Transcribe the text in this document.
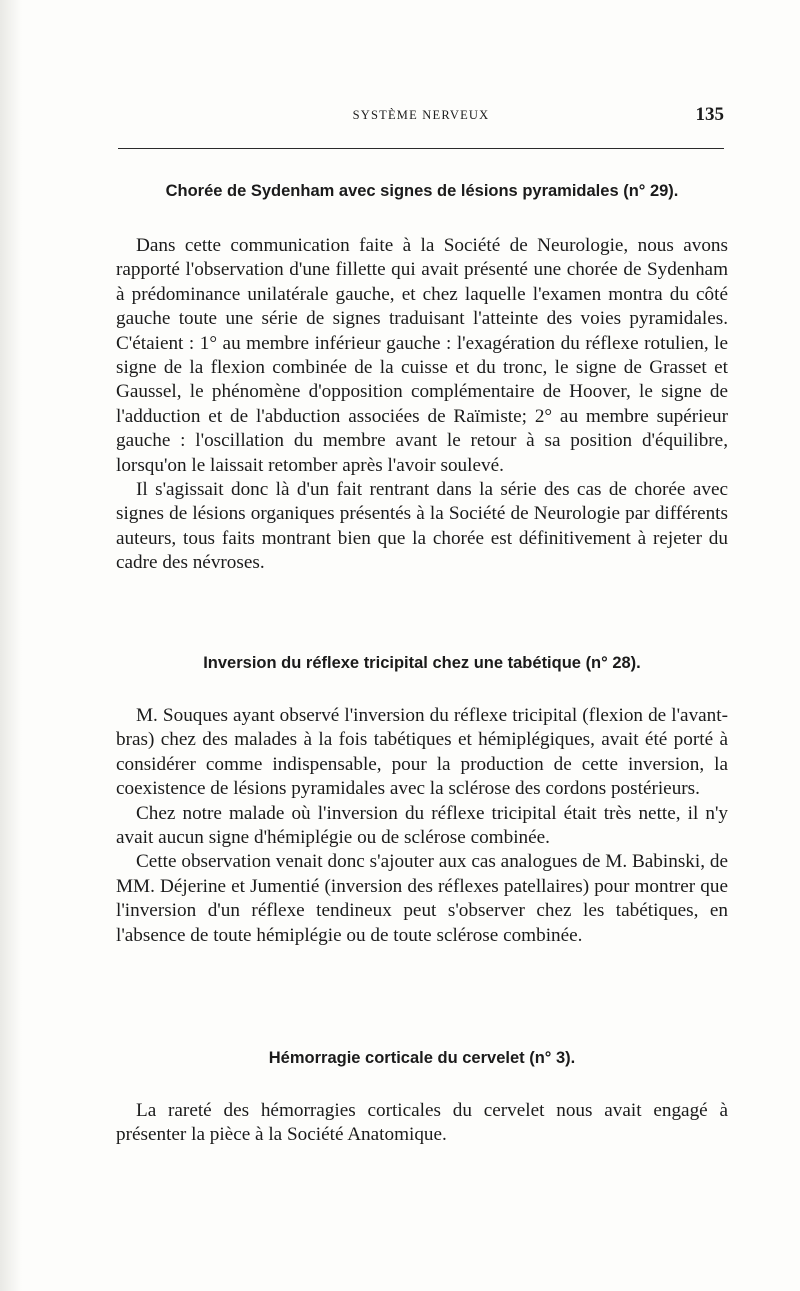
SYSTÈME NERVEUX	135
Chorée de Sydenham avec signes de lésions pyramidales (n° 29).

Dans cette communication faite à la Société de Neurologie, nous avons rapporté l'observation d'une fillette qui avait présenté une chorée de Sydenham à prédominance unilatérale gauche, et chez laquelle l'examen montra du côté gauche toute une série de signes traduisant l'atteinte des voies pyramidales. C'étaient : 1° au membre inférieur gauche : l'exagération du réflexe rotulien, le signe de la flexion combinée de la cuisse et du tronc, le signe de Grasset et Gaussel, le phénomène d'opposition complémentaire de Hoover, le signe de l'adduction et de l'abduction associées de Raïmiste; 2° au membre supérieur gauche : l'oscillation du membre avant le retour à sa position d'équilibre, lorsqu'on le laissait retomber après l'avoir soulevé.

Il s'agissait donc là d'un fait rentrant dans la série des cas de chorée avec signes de lésions organiques présentés à la Société de Neurologie par différents auteurs, tous faits montrant bien que la chorée est définitivement à rejeter du cadre des névroses.

Inversion du réflexe tricipital chez une tabétique (n° 28).

M. Souques ayant observé l'inversion du réflexe tricipital (flexion de l'avant-bras) chez des malades à la fois tabétiques et hémiplégiques, avait été porté à considérer comme indispensable, pour la production de cette inversion, la coexistence de lésions pyramidales avec la sclérose des cordons postérieurs.

Chez notre malade où l'inversion du réflexe tricipital était très nette, il n'y avait aucun signe d'hémiplégie ou de sclérose combinée.

Cette observation venait donc s'ajouter aux cas analogues de M. Babinski, de MM. Déjerine et Jumentié (inversion des réflexes patellaires) pour montrer que l'inversion d'un réflexe tendineux peut s'observer chez les tabétiques, en l'absence de toute hémiplégie ou de toute sclérose combinée.

Hémorragie corticale du cervelet (n° 3).

La rareté des hémorragies corticales du cervelet nous avait engagé à présenter la pièce à la Société Anatomique.
